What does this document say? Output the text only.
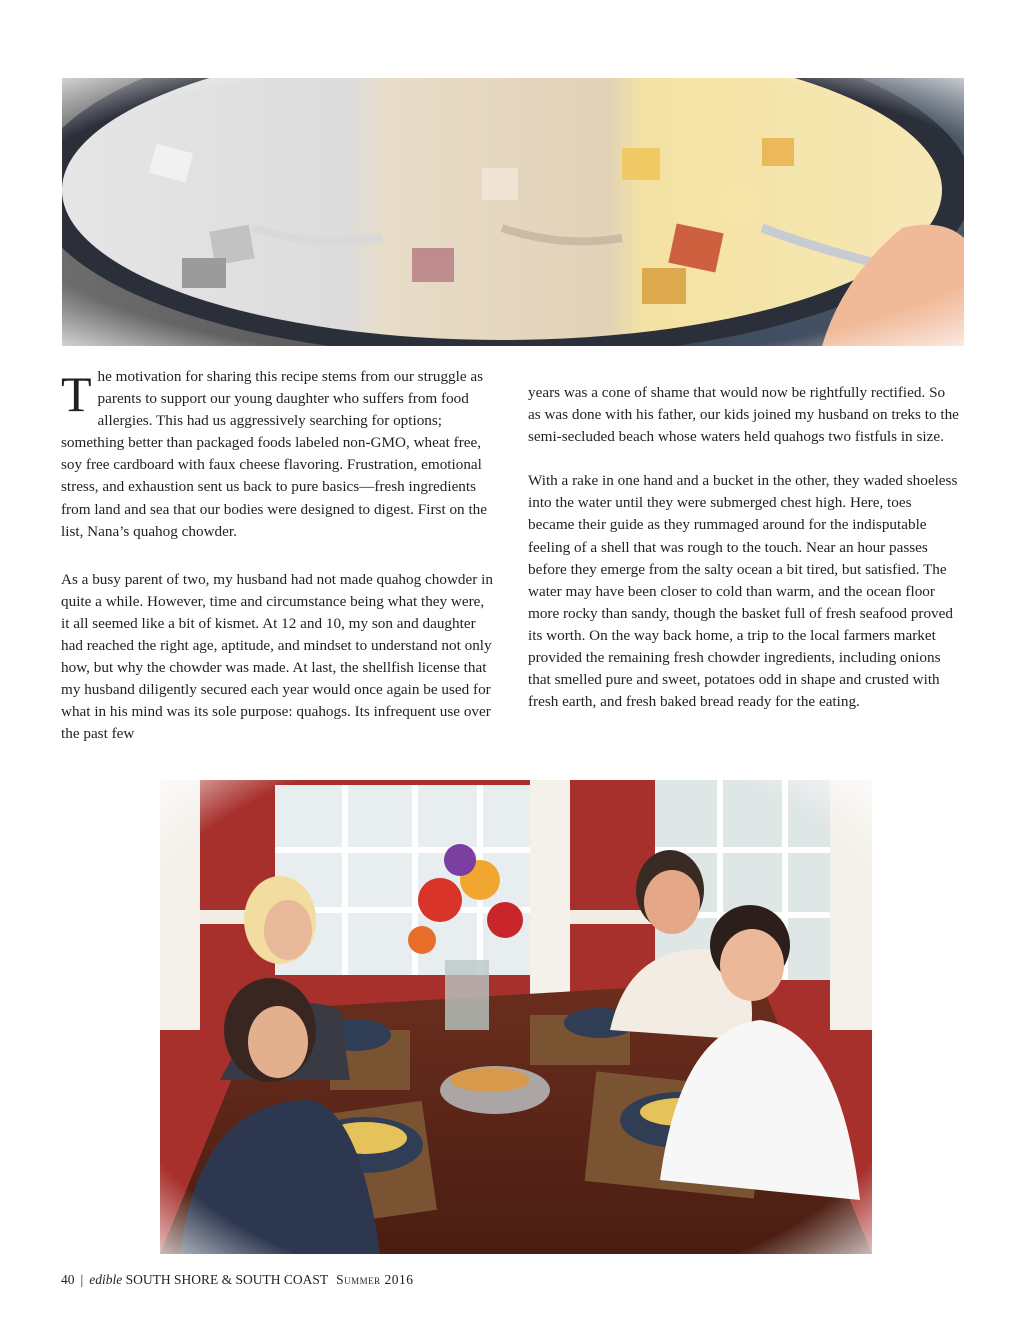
The motivation for sharing this recipe stems from our struggle as parents to support our young daughter who suffers from food allergies. This had us aggressively searching for options; something better than packaged foods labeled non-GMO, wheat free, soy free cardboard with faux cheese flavoring. Frustration, emotional stress, and exhaustion sent us back to pure basics—fresh ingredients from land and sea that our bodies were designed to digest. First on the list, Nana’s quahog chowder.

As a busy parent of two, my husband had not made quahog chowder in quite a while. However, time and circumstance being what they were, it all seemed like a bit of kismet. At 12 and 10, my son and daughter had reached the right age, aptitude, and mindset to understand not only how, but why the chowder was made. At last, the shellfish license that my husband diligently secured each year would once again be used for what in his mind was its sole purpose: quahogs. Its infrequent use over the past few

years was a cone of shame that would now be rightfully rectified. So as was done with his father, our kids joined my husband on treks to the semi-secluded beach whose waters held quahogs two fistfuls in size.

With a rake in one hand and a bucket in the other, they waded shoeless into the water until they were submerged chest high. Here, toes became their guide as they rummaged around for the indisputable feeling of a shell that was rough to the touch. Near an hour passes before they emerge from the salty ocean a bit tired, but satisfied. The water may have been closer to cold than warm, and the ocean floor more rocky than sandy, though the basket full of fresh seafood proved its worth. On the way back home, a trip to the local farmers market provided the remaining fresh chowder ingredients, including onions that smelled pure and sweet, potatoes odd in shape and crusted with fresh earth, and fresh baked bread ready for the eating.

40 | edible SOUTH SHORE & SOUTH COAST Summer 2016
